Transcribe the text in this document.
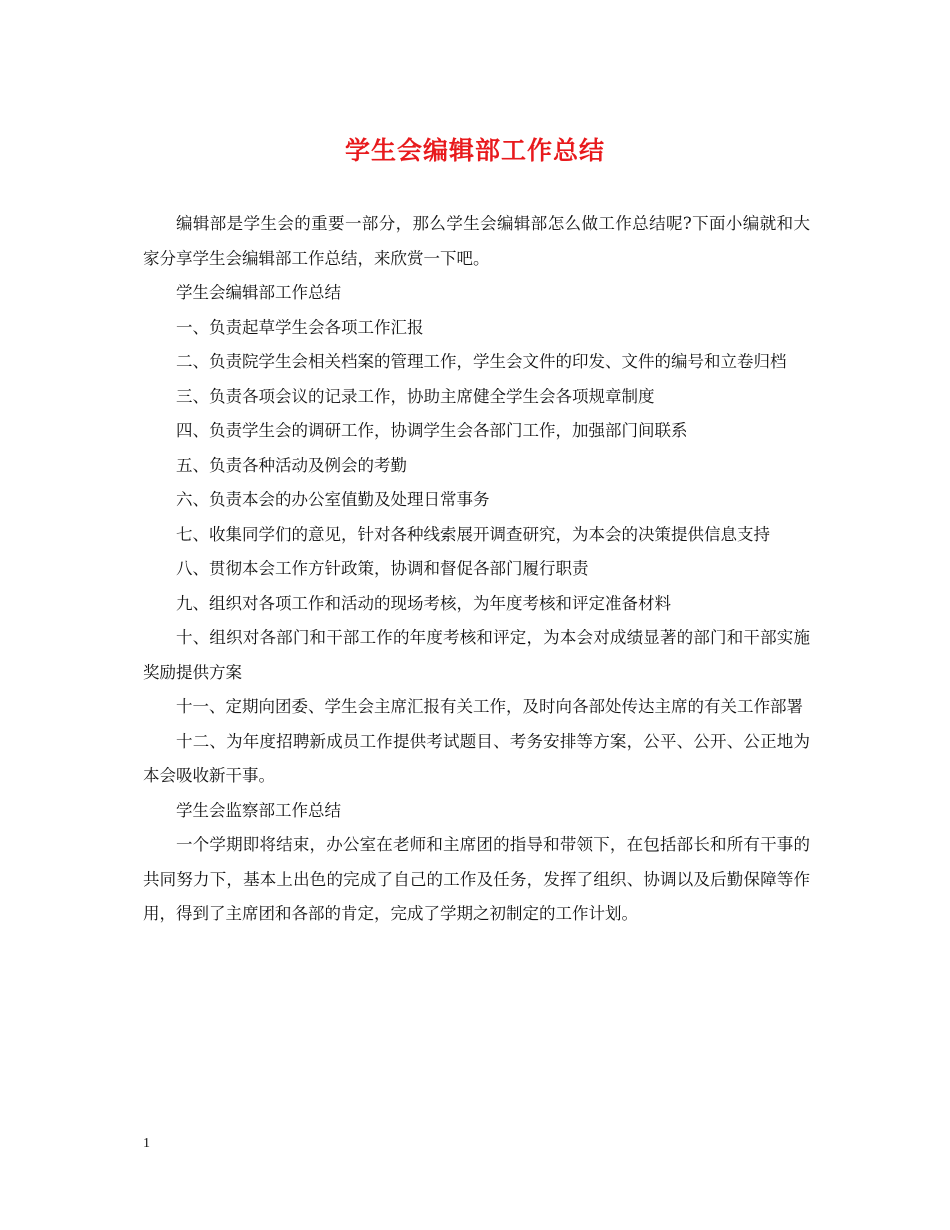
学生会编辑部工作总结

编辑部是学生会的重要一部分，那么学生会编辑部怎么做工作总结呢?下面小编就和大家分享学生会编辑部工作总结，来欣赏一下吧。

学生会编辑部工作总结

一、负责起草学生会各项工作汇报

二、负责院学生会相关档案的管理工作，学生会文件的印发、文件的编号和立卷归档

三、负责各项会议的记录工作，协助主席健全学生会各项规章制度

四、负责学生会的调研工作，协调学生会各部门工作，加强部门间联系

五、负责各种活动及例会的考勤

六、负责本会的办公室值勤及处理日常事务

七、收集同学们的意见，针对各种线索展开调查研究，为本会的决策提供信息支持

八、贯彻本会工作方针政策，协调和督促各部门履行职责

九、组织对各项工作和活动的现场考核，为年度考核和评定准备材料

十、组织对各部门和干部工作的年度考核和评定，为本会对成绩显著的部门和干部实施奖励提供方案

十一、定期向团委、学生会主席汇报有关工作，及时向各部处传达主席的有关工作部署

十二、为年度招聘新成员工作提供考试题目、考务安排等方案，公平、公开、公正地为本会吸收新干事。

学生会监察部工作总结

一个学期即将结束，办公室在老师和主席团的指导和带领下，在包括部长和所有干事的共同努力下，基本上出色的完成了自己的工作及任务，发挥了组织、协调以及后勤保障等作用，得到了主席团和各部的肯定，完成了学期之初制定的工作计划。

1
